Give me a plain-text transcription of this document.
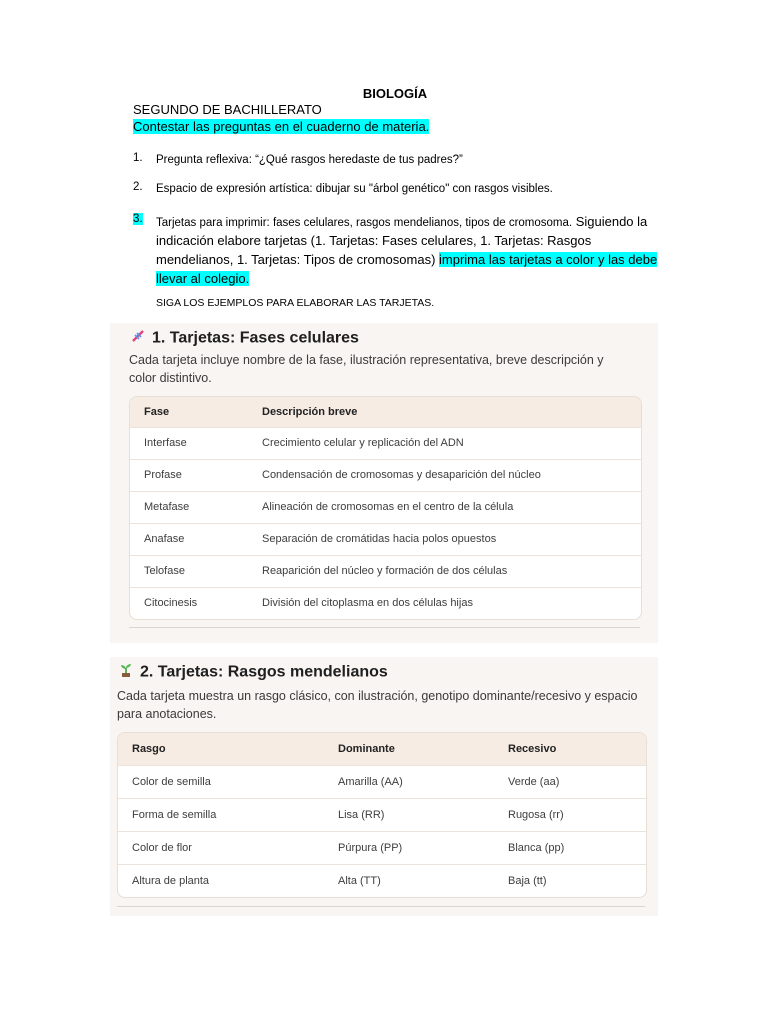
BIOLOGÍA
SEGUNDO DE BACHILLERATO
Contestar las preguntas en el cuaderno de materia.
1.	Pregunta reflexiva: “¿Qué rasgos heredaste de tus padres?”
2.	Espacio de expresión artística: dibujar su "árbol genético" con rasgos visibles.
3. Tarjetas para imprimir: fases celulares, rasgos mendelianos, tipos de cromosoma. Siguiendo la indicación elabore tarjetas (1. Tarjetas: Fases celulares, 1. Tarjetas: Rasgos mendelianos, 1. Tarjetas: Tipos de cromosomas) imprima las tarjetas a color y las debe llevar al colegio.
SIGA LOS EJEMPLOS PARA ELABORAR LAS TARJETAS.
1. Tarjetas: Fases celulares
Cada tarjeta incluye nombre de la fase, ilustración representativa, breve descripción y color distintivo.
Fase	Descripción breve
Interfase	Crecimiento celular y replicación del ADN
Profase	Condensación de cromosomas y desaparición del núcleo
Metafase	Alineación de cromosomas en el centro de la célula
Anafase	Separación de cromátidas hacia polos opuestos
Telofase	Reaparición del núcleo y formación de dos células
Citocinesis	División del citoplasma en dos células hijas
2. Tarjetas: Rasgos mendelianos
Cada tarjeta muestra un rasgo clásico, con ilustración, genotipo dominante/recesivo y espacio para anotaciones.
Rasgo	Dominante	Recesivo
Color de semilla	Amarilla (AA)	Verde (aa)
Forma de semilla	Lisa (RR)	Rugosa (rr)
Color de flor	Púrpura (PP)	Blanca (pp)
Altura de planta	Alta (TT)	Baja (tt)
